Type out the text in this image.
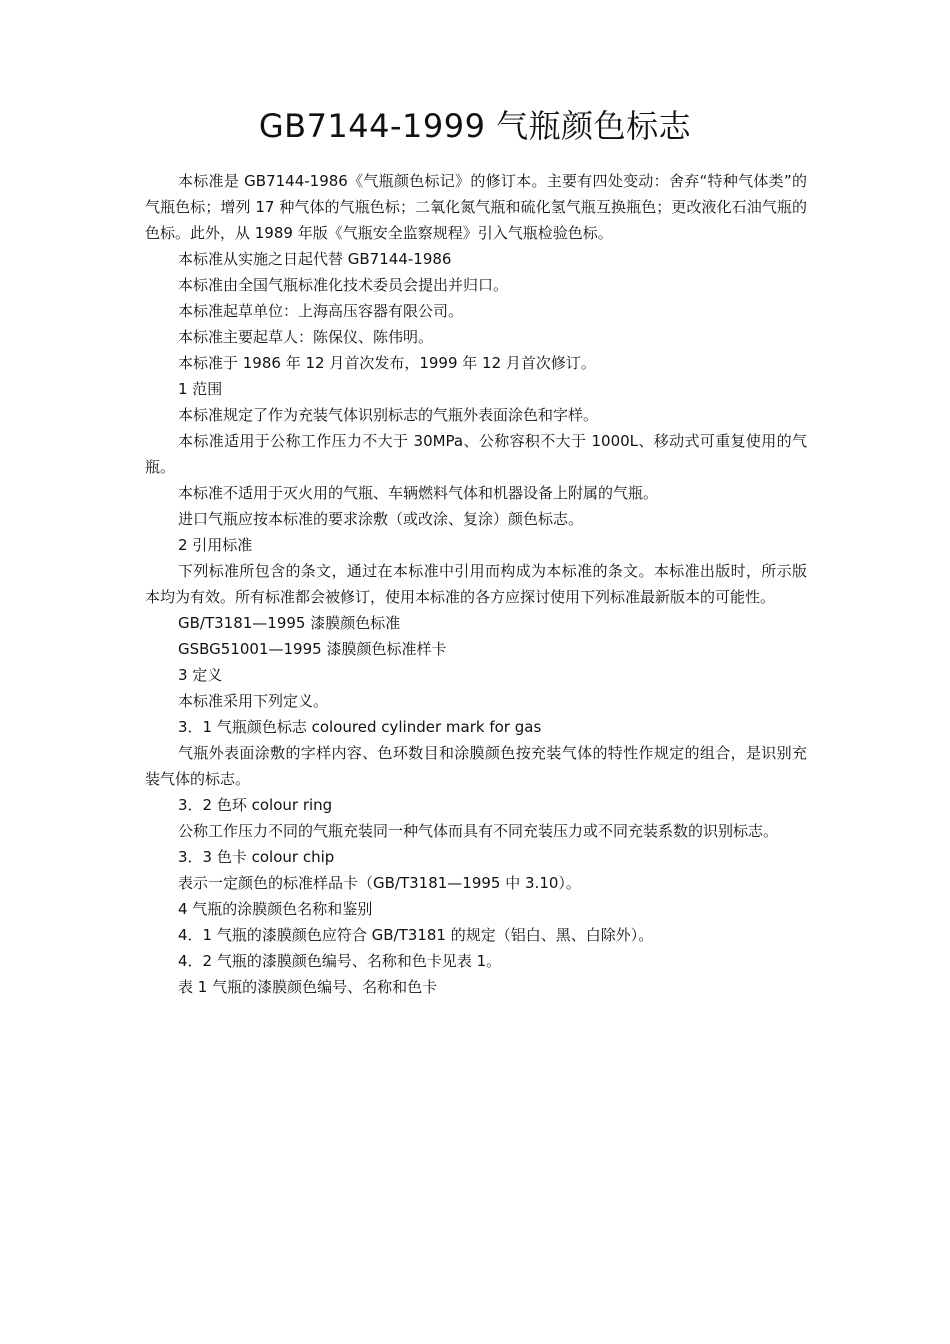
GB7144-1999 气瓶颜色标志

本标准是 GB7144-1986《气瓶颜色标记》的修订本。主要有四处变动：舍弃“特种气体类”的气瓶色标；增列 17 种气体的气瓶色标；二氧化氮气瓶和硫化氢气瓶互换瓶色；更改液化石油气瓶的色标。此外，从 1989 年版《气瓶安全监察规程》引入气瓶检验色标。

本标准从实施之日起代替 GB7144-1986

本标准由全国气瓶标准化技术委员会提出并归口。

本标准起草单位：上海高压容器有限公司。

本标准主要起草人：陈保仪、陈伟明。

本标准于 1986 年 12 月首次发布，1999 年 12 月首次修订。

1 范围

本标准规定了作为充装气体识别标志的气瓶外表面涂色和字样。

本标准适用于公称工作压力不大于 30MPa、公称容积不大于 1000L、移动式可重复使用的气瓶。

本标准不适用于灭火用的气瓶、车辆燃料气体和机器设备上附属的气瓶。

进口气瓶应按本标准的要求涂敷（或改涂、复涂）颜色标志。

2 引用标准

下列标准所包含的条文，通过在本标准中引用而构成为本标准的条文。本标准出版时，所示版本均为有效。所有标准都会被修订，使用本标准的各方应探讨使用下列标准最新版本的可能性。

GB/T3181—1995 漆膜颜色标准

GSBG51001—1995 漆膜颜色标准样卡

3 定义

本标准采用下列定义。

3．1 气瓶颜色标志 coloured cylinder mark for gas

气瓶外表面涂敷的字样内容、色环数目和涂膜颜色按充装气体的特性作规定的组合，是识别充装气体的标志。

3．2 色环 colour ring

公称工作压力不同的气瓶充装同一种气体而具有不同充装压力或不同充装系数的识别标志。

3．3 色卡 colour chip

表示一定颜色的标准样品卡（GB/T3181—1995 中 3.10）。

4 气瓶的涂膜颜色名称和鉴别

4．1 气瓶的漆膜颜色应符合 GB/T3181 的规定（铝白、黑、白除外）。

4．2 气瓶的漆膜颜色编号、名称和色卡见表 1。

表 1 气瓶的漆膜颜色编号、名称和色卡
